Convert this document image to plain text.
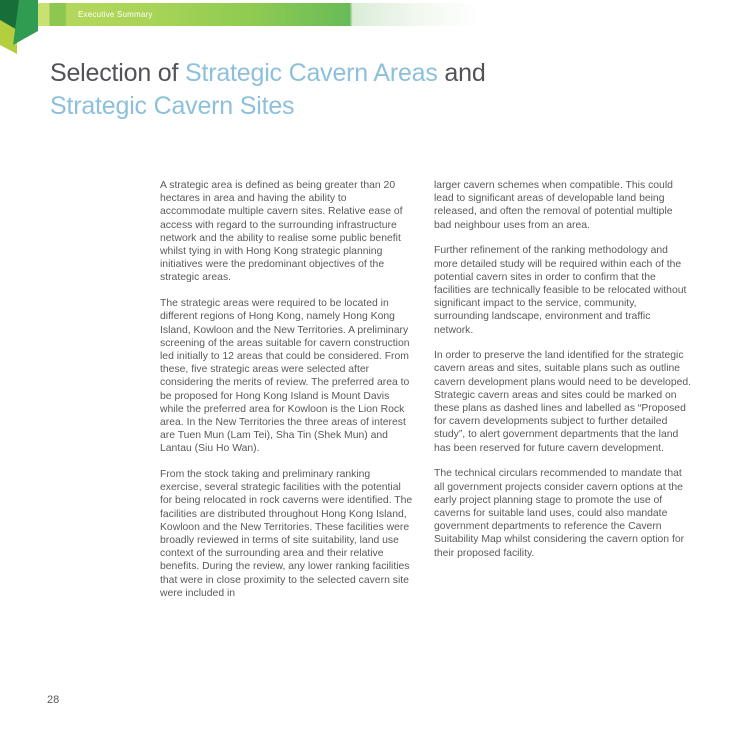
Executive Summary
Selection of Strategic Cavern Areas and
Strategic Cavern Sites

A strategic area is defined as being greater than 20 hectares in area and having the ability to accommodate multiple cavern sites. Relative ease of access with regard to the surrounding infrastructure network and the ability to realise some public benefit whilst tying in with Hong Kong strategic planning initiatives were the predominant objectives of the strategic areas.

The strategic areas were required to be located in different regions of Hong Kong, namely Hong Kong Island, Kowloon and the New Territories. A preliminary screening of the areas suitable for cavern construction led initially to 12 areas that could be considered. From these, five strategic areas were selected after considering the merits of review. The preferred area to be proposed for Hong Kong Island is Mount Davis while the preferred area for Kowloon is the Lion Rock area. In the New Territories the three areas of interest are Tuen Mun (Lam Tei), Sha Tin (Shek Mun) and Lantau (Siu Ho Wan).

From the stock taking and preliminary ranking exercise, several strategic facilities with the potential for being relocated in rock caverns were identified. The facilities are distributed throughout Hong Kong Island, Kowloon and the New Territories. These facilities were broadly reviewed in terms of site suitability, land use context of the surrounding area and their relative benefits. During the review, any lower ranking facilities that were in close proximity to the selected cavern site were included in

larger cavern schemes when compatible. This could lead to significant areas of developable land being released, and often the removal of potential multiple bad neighbour uses from an area.

Further refinement of the ranking methodology and more detailed study will be required within each of the potential cavern sites in order to confirm that the facilities are technically feasible to be relocated without significant impact to the service, community, surrounding landscape, environment and traffic network.

In order to preserve the land identified for the strategic cavern areas and sites, suitable plans such as outline cavern development plans would need to be developed. Strategic cavern areas and sites could be marked on these plans as dashed lines and labelled as “Proposed for cavern developments subject to further detailed study”, to alert government departments that the land has been reserved for future cavern development.

The technical circulars recommended to mandate that all government projects consider cavern options at the early project planning stage to promote the use of caverns for suitable land uses, could also mandate government departments to reference the Cavern Suitability Map whilst considering the cavern option for their proposed facility.

28
